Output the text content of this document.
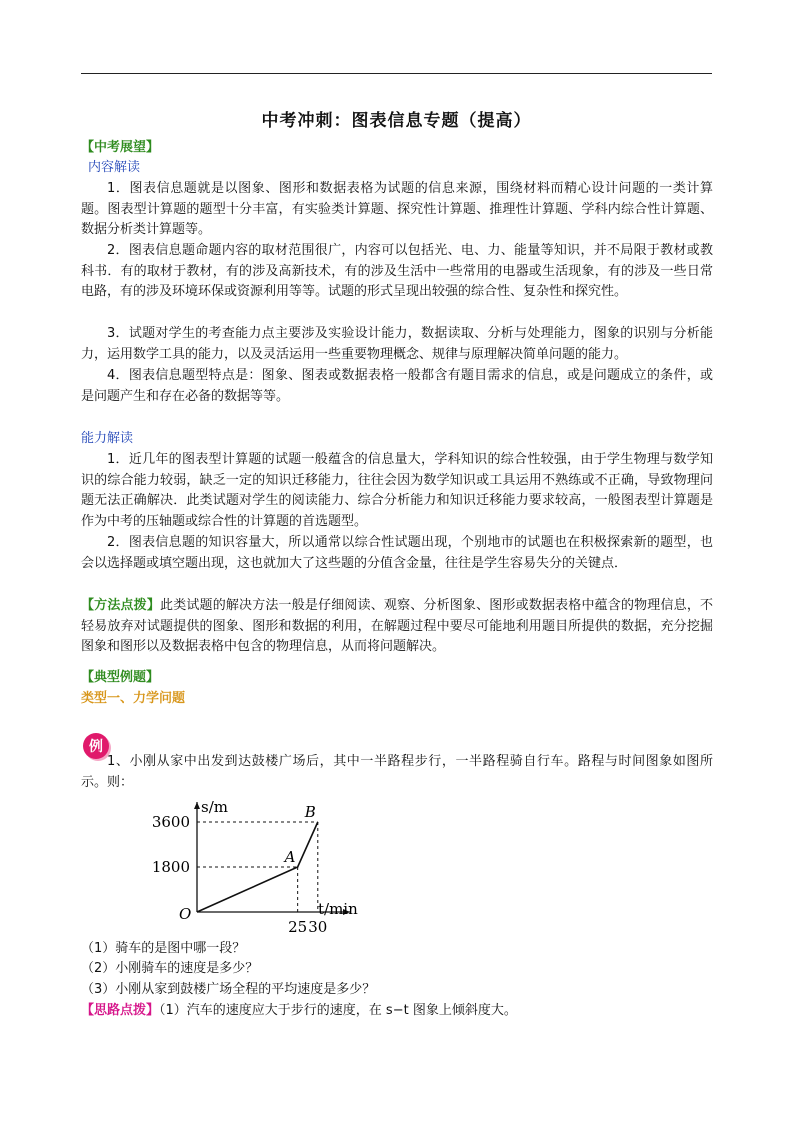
中考冲刺：图表信息专题（提高）
【中考展望】
内容解读
1．图表信息题就是以图象、图形和数据表格为试题的信息来源，围绕材料而精心设计问题的一类计算题。图表型计算题的题型十分丰富，有实验类计算题、探究性计算题、推理性计算题、学科内综合性计算题、数据分析类计算题等。
2．图表信息题命题内容的取材范围很广，内容可以包括光、电、力、能量等知识，并不局限于教材或教科书．有的取材于教材，有的涉及高新技术，有的涉及生活中一些常用的电器或生活现象，有的涉及一些日常电路，有的涉及环境环保或资源利用等等。试题的形式呈现出较强的综合性、复杂性和探究性。
3．试题对学生的考查能力点主要涉及实验设计能力，数据读取、分析与处理能力，图象的识别与分析能力，运用数学工具的能力，以及灵活运用一些重要物理概念、规律与原理解决简单问题的能力。
4．图表信息题型特点是：图象、图表或数据表格一般都含有题目需求的信息，或是问题成立的条件，或是问题产生和存在必备的数据等等。
能力解读
1．近几年的图表型计算题的试题一般蕴含的信息量大，学科知识的综合性较强，由于学生物理与数学知识的综合能力较弱，缺乏一定的知识迁移能力，往往会因为数学知识或工具运用不熟练或不正确，导致物理问题无法正确解决．此类试题对学生的阅读能力、综合分析能力和知识迁移能力要求较高，一般图表型计算题是作为中考的压轴题或综合性的计算题的首选题型。
2．图表信息题的知识容量大，所以通常以综合性试题出现，个别地市的试题也在积极探索新的题型，也会以选择题或填空题出现，这也就加大了这些题的分值含金量，往往是学生容易失分的关键点．
【方法点拨】此类试题的解决方法一般是仔细阅读、观察、分析图象、图形或数据表格中蕴含的物理信息，不轻易放弃对试题提供的图象、图形和数据的利用，在解题过程中要尽可能地利用题目所提供的数据，充分挖掘图象和图形以及数据表格中包含的物理信息，从而将问题解决。
【典型例题】
类型一、力学问题
例
1、小刚从家中出发到达鼓楼广场后，其中一半路程步行，一半路程骑自行车。路程与时间图象如图所示。则：
s/m
t/min
O
A
B
1800
3600
25 30
（1）骑车的是图中哪一段？
（2）小刚骑车的速度是多少？
（3）小刚从家到鼓楼广场全程的平均速度是多少？
【思路点拨】（1）汽车的速度应大于步行的速度，在 s−t 图象上倾斜度大。
